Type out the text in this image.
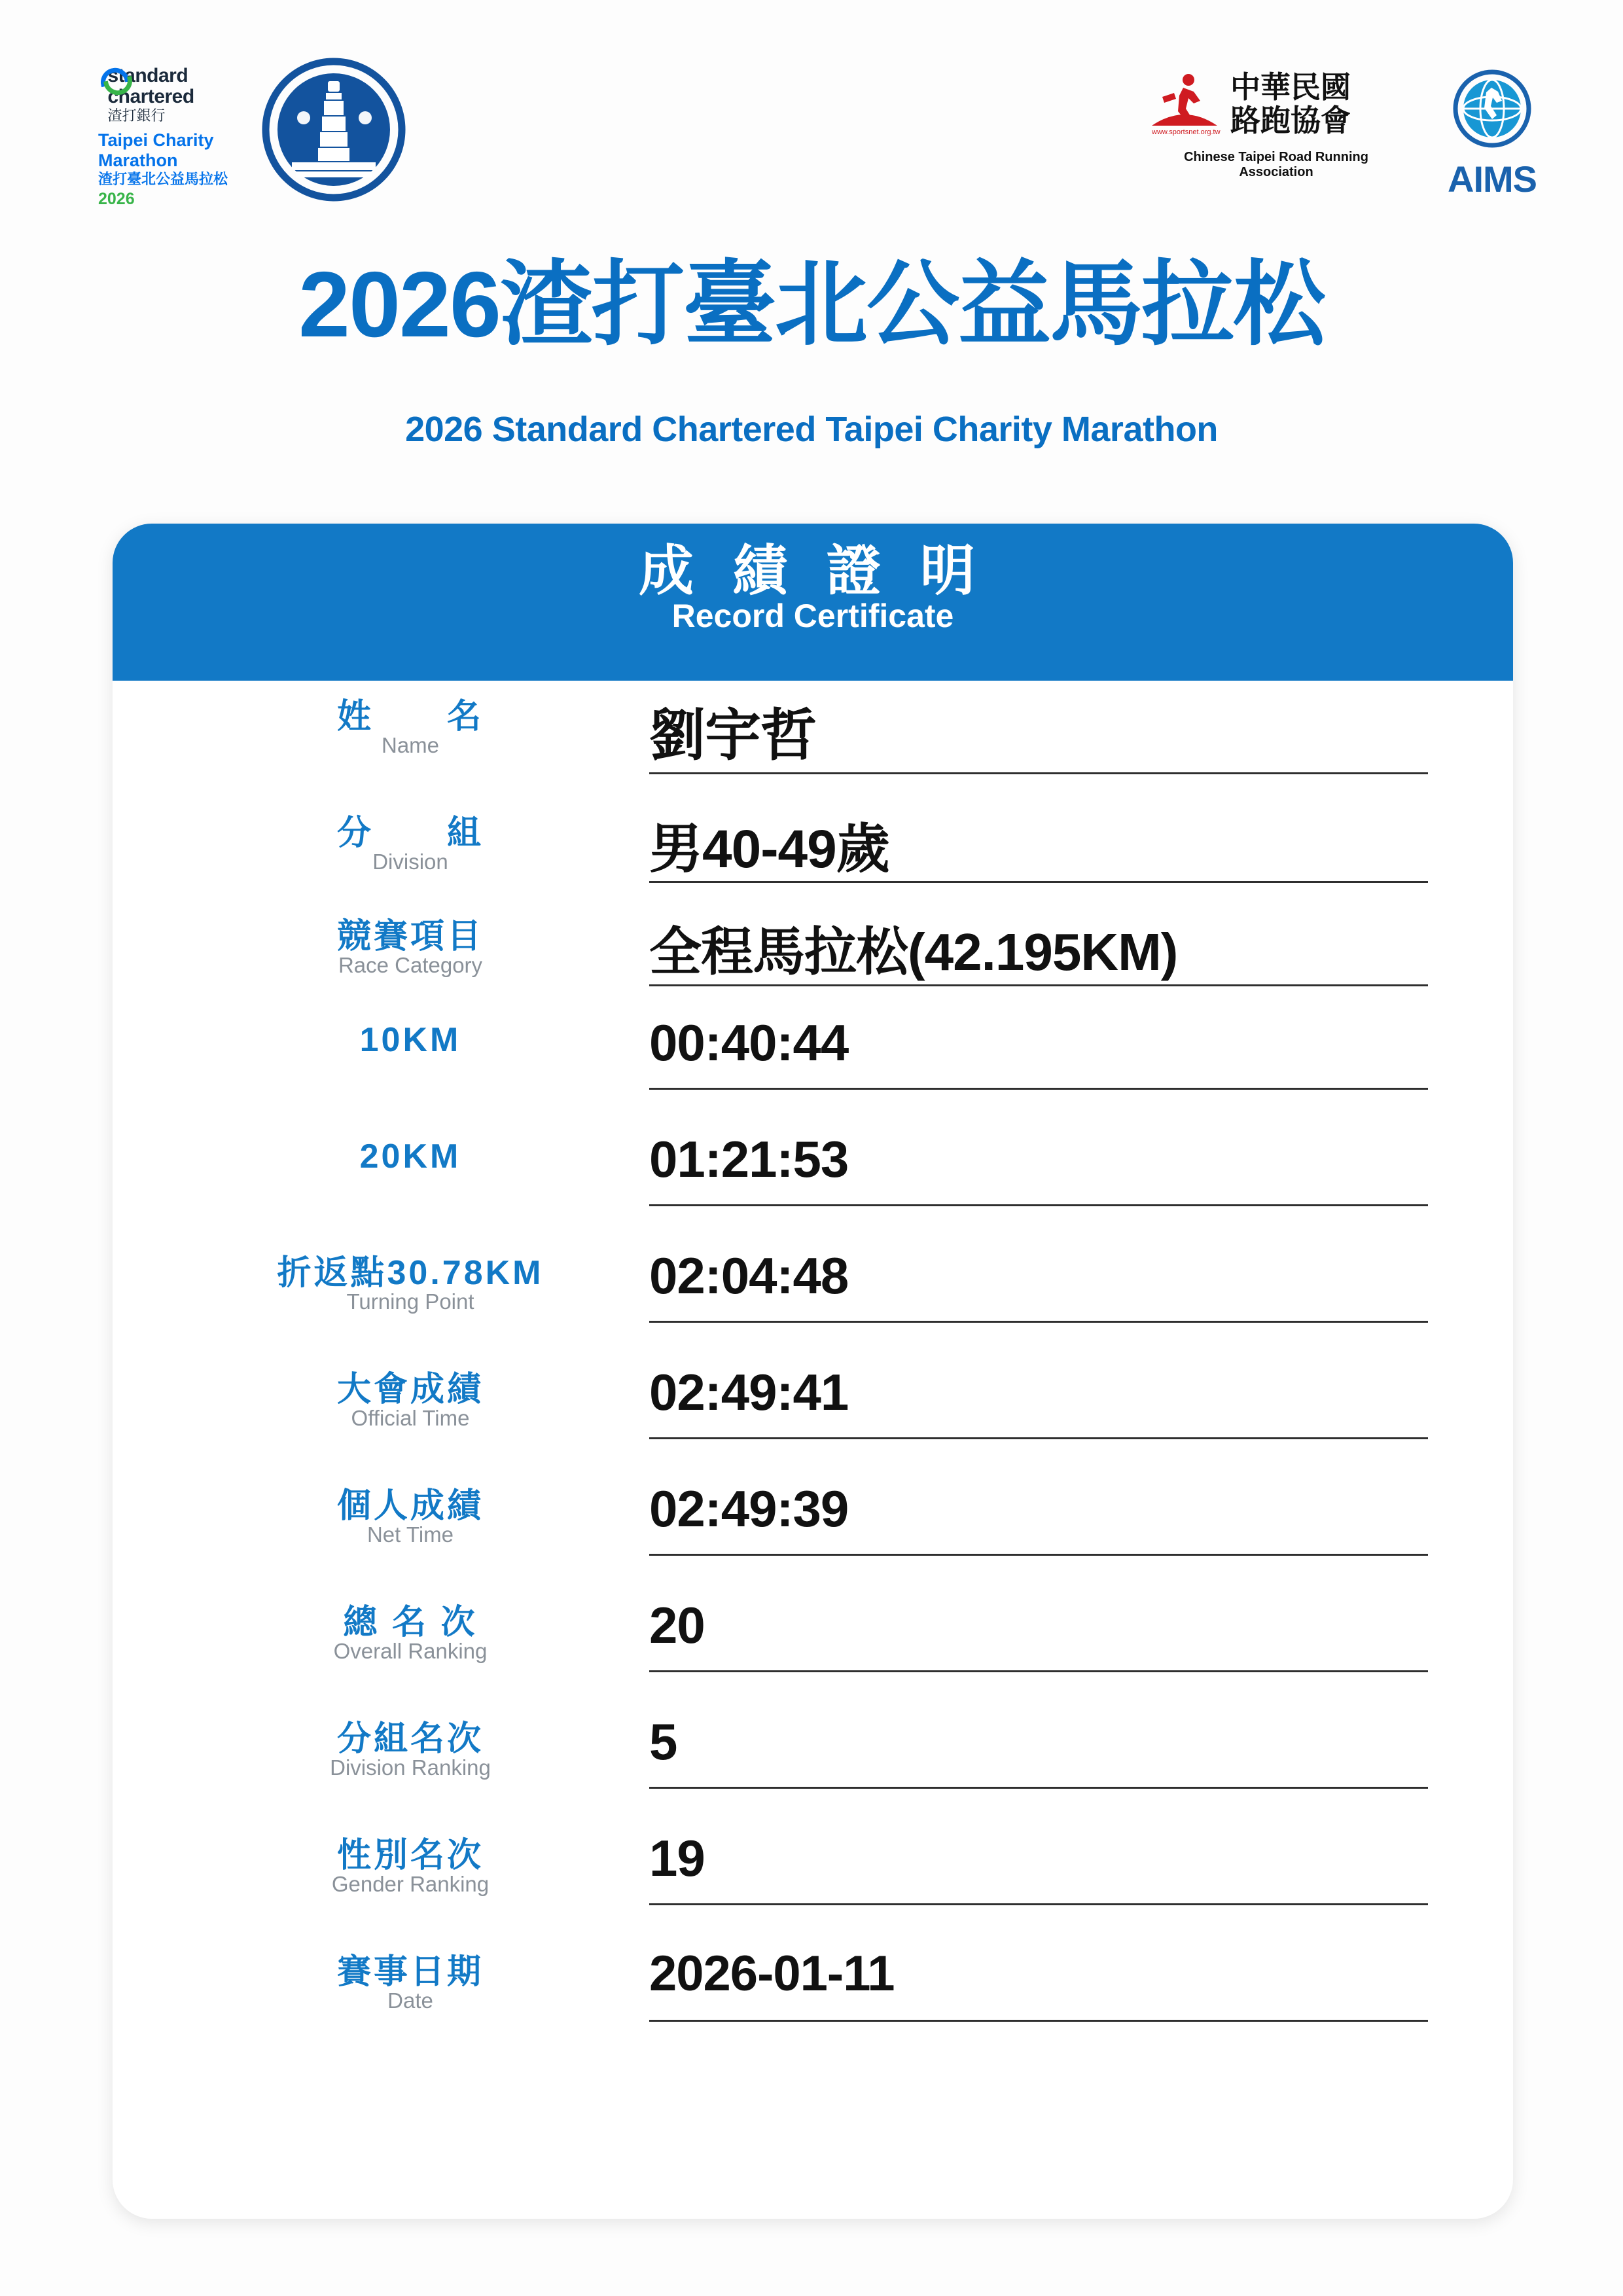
standard
chartered
渣打銀行
Taipei Charity
Marathon
渣打臺北公益馬拉松
2026
中華民國
路跑協會
Chinese Taipei Road Running Association
www.sportsnet.org.tw
AIMS
2026渣打臺北公益馬拉松
2026 Standard Chartered Taipei Charity Marathon
成 績 證 明
Record Certificate
姓　　名
Name	劉宇哲
分　　組
Division	男40-49歲
競賽項目
Race Category	全程馬拉松(42.195KM)
10KM	00:40:44
20KM	01:21:53
折返點30.78KM
Turning Point	02:04:48
大會成績
Official Time	02:49:41
個人成績
Net Time	02:49:39
總 名 次
Overall Ranking	20
分組名次
Division Ranking	5
性別名次
Gender Ranking	19
賽事日期
Date	2026-01-11
